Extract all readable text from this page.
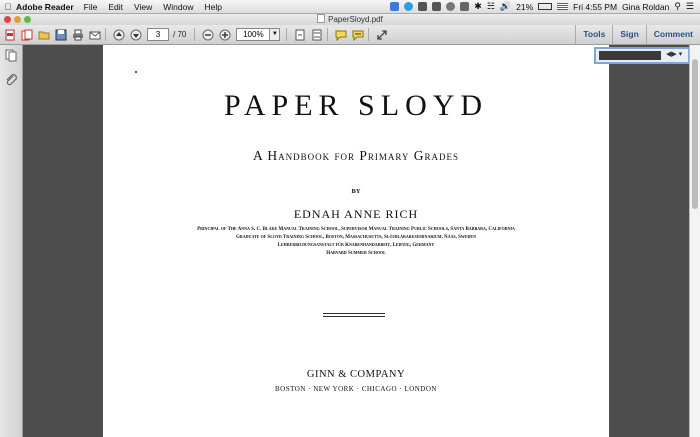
Adobe Reader File Edit View Window Help	✱ ☵ 🔊 21%	Fri 4:55 PM Gina Roldan ⚲ ☰
PaperSloyd.pdf
3	/ 70	100%	▼	Tools	Sign	Comment
PAPER SLOYD
A Handbook for Primary Grades
BY
EDNAH ANNE RICH
Principal of The Anna S. C. Blake Manual Training School, Supervisor Manual Training Public Schools, Santa Barbara, California
Graduate of Sloyd Training School, Boston, Massachusetts, Slöjdlärareseminarium, Nääs, Sweden
Lehrerbildungsanstalt für Knabenhandarbeit, Leipzig, Germany
Harvard Summer School
GINN & COMPANY
BOSTON · NEW YORK · CHICAGO · LONDON
◀▶ ▾
